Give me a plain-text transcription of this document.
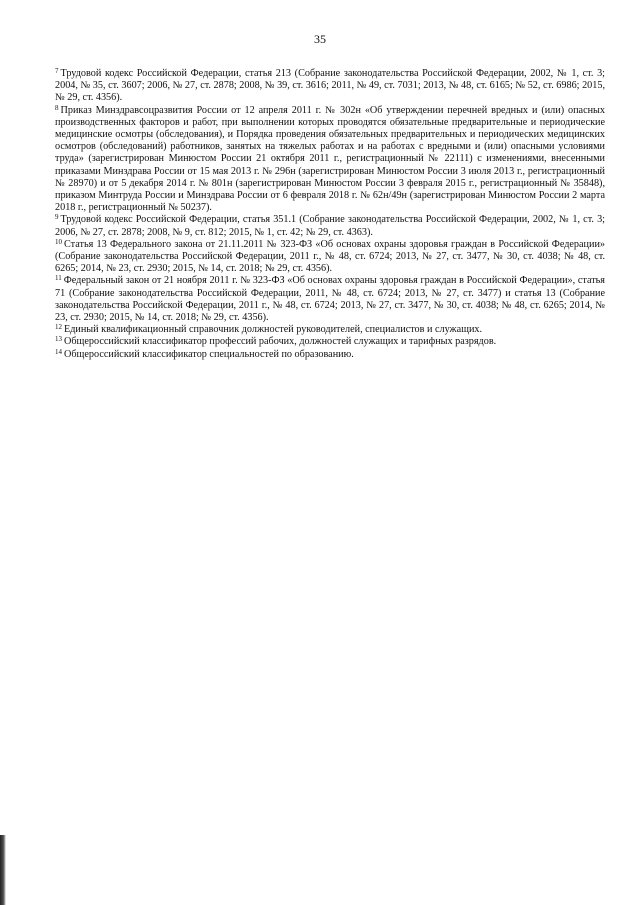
35

$^7$ Трудовой кодекс Российской Федерации, статья 213 (Собрание законодательства Российской Федерации, 2002, № 1, ст. 3; 2004, № 35, ст. 3607; 2006, № 27, ст. 2878; 2008, № 39, ст. 3616; 2011, № 49, ст. 7031; 2013, № 48, ст. 6165; № 52, ст. 6986; 2015, № 29, ст. 4356).

$^8$ Приказ Минздравсоцразвития России от 12 апреля 2011 г. № 302н «Об утверждении перечней вредных и (или) опасных производственных факторов и работ, при выполнении которых проводятся обязательные предварительные и периодические медицинские осмотры (обследования), и Порядка проведения обязательных предварительных и периодических медицинских осмотров (обследований) работников, занятых на тяжелых работах и на работах с вредными и (или) опасными условиями труда» (зарегистрирован Минюстом России 21 октября 2011 г., регистрационный № 22111) с изменениями, внесенными приказами Минздрава России от 15 мая 2013 г. № 296н (зарегистрирован Минюстом России 3 июля 2013 г., регистрационный № 28970) и от 5 декабря 2014 г. № 801н (зарегистрирован Минюстом России 3 февраля 2015 г., регистрационный № 35848), приказом Минтруда России и Минздрава России от 6 февраля 2018 г. № 62н/49н (зарегистрирован Минюстом России 2 марта 2018 г., регистрационный № 50237).

$^9$ Трудовой кодекс Российской Федерации, статья 351.1 (Собрание законодательства Российской Федерации, 2002, № 1, ст. 3; 2006, № 27, ст. 2878; 2008, № 9, ст. 812; 2015, № 1, ст. 42; № 29, ст. 4363).

$^{10}$ Статья 13 Федерального закона от 21.11.2011 № 323-ФЗ «Об основах охраны здоровья граждан в Российской Федерации» (Собрание законодательства Российской Федерации, 2011 г., № 48, ст. 6724; 2013, № 27, ст. 3477, № 30, ст. 4038; № 48, ст. 6265; 2014, № 23, ст. 2930; 2015, № 14, ст. 2018; № 29, ст. 4356).

$^{11}$ Федеральный закон от 21 ноября 2011 г. № 323-ФЗ «Об основах охраны здоровья граждан в Российской Федерации», статья 71 (Собрание законодательства Российской Федерации, 2011, № 48, ст. 6724; 2013, № 27, ст. 3477) и статья 13 (Собрание законодательства Российской Федерации, 2011 г., № 48, ст. 6724; 2013, № 27, ст. 3477, № 30, ст. 4038; № 48, ст. 6265; 2014, № 23, ст. 2930; 2015, № 14, ст. 2018; № 29, ст. 4356).

$^{12}$ Единый квалификационный справочник должностей руководителей, специалистов и служащих.

$^{13}$ Общероссийский классификатор профессий рабочих, должностей служащих и тарифных разрядов.

$^{14}$ Общероссийский классификатор специальностей по образованию.
